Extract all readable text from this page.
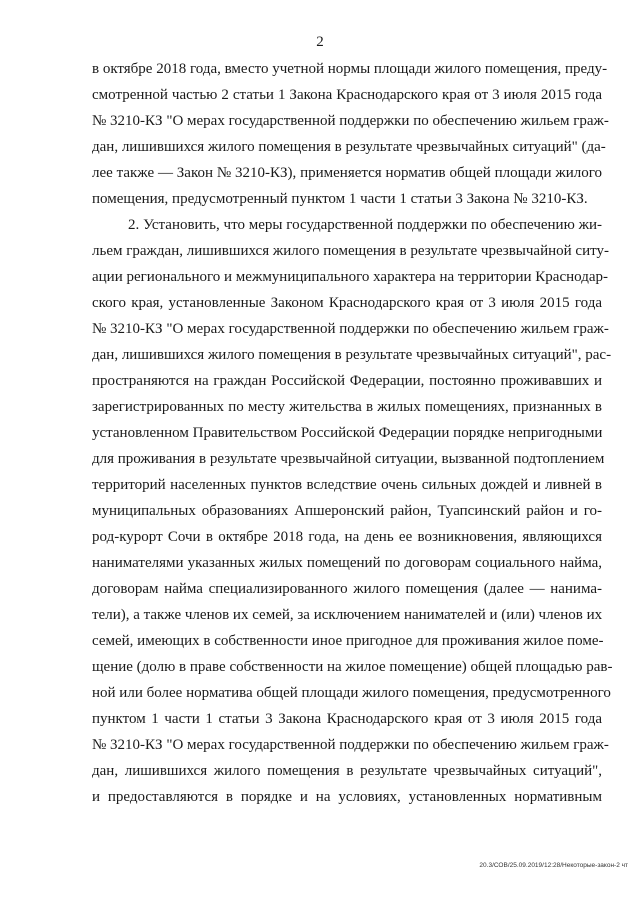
2
в октябре 2018 года, вместо учетной нормы площади жилого помещения, преду-
смотренной частью 2 статьи 1 Закона Краснодарского края от 3 июля 2015 года
№ 3210-КЗ "О мерах государственной поддержки по обеспечению жильем граж-
дан, лишившихся жилого помещения в результате чрезвычайных ситуаций" (да-
лее также — Закон № 3210-КЗ), применяется норматив общей площади жилого
помещения, предусмотренный пунктом 1 части 1 статьи 3 Закона № 3210-КЗ.
2. Установить, что меры государственной поддержки по обеспечению жи-
льем граждан, лишившихся жилого помещения в результате чрезвычайной ситу-
ации регионального и межмуниципального характера на территории Краснодар-
ского края, установленные Законом Краснодарского края от 3 июля 2015 года
№ 3210-КЗ "О мерах государственной поддержки по обеспечению жильем граж-
дан, лишившихся жилого помещения в результате чрезвычайных ситуаций", рас-
пространяются на граждан Российской Федерации, постоянно проживавших и
зарегистрированных по месту жительства в жилых помещениях, признанных в
установленном Правительством Российской Федерации порядке непригодными
для проживания в результате чрезвычайной ситуации, вызванной подтоплением
территорий населенных пунктов вследствие очень сильных дождей и ливней в
муниципальных образованиях Апшеронский район, Туапсинский район и го-
род-курорт Сочи в октябре 2018 года, на день ее возникновения, являющихся
нанимателями указанных жилых помещений по договорам социального найма,
договорам найма специализированного жилого помещения (далее — нанима-
тели), а также членов их семей, за исключением нанимателей и (или) членов их
семей, имеющих в собственности иное пригодное для проживания жилое поме-
щение (долю в праве собственности на жилое помещение) общей площадью рав-
ной или более норматива общей площади жилого помещения, предусмотренного
пунктом 1 части 1 статьи 3 Закона Краснодарского края от 3 июля 2015 года
№ 3210-КЗ "О мерах государственной поддержки по обеспечению жильем граж-
дан, лишившихся жилого помещения в результате чрезвычайных ситуаций",
и предоставляются в порядке и на условиях, установленных нормативным
20.3/СОВ/25.09.2019/12:28/Некоторые-закон-2 чт
